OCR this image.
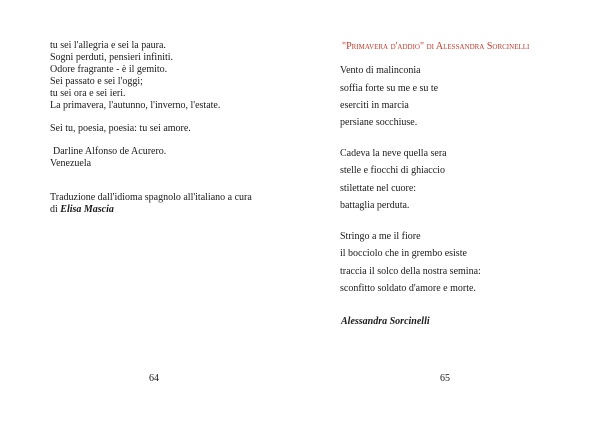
tu sei l'allegria e sei la paura.
Sogni perduti, pensieri infiniti.
Odore fragrante - è il gemito.
Sei passato e sei l'oggi;
tu sei ora e sei ieri.
La primavera, l'autunno, l'inverno, l'estate.
Sei tu, poesia, poesia: tu sei amore.
Darline Alfonso de Acurero.
Venezuela
Traduzione dall'idioma spagnolo all'italiano a cura
di Elisa Mascia
64
"Primavera d'addio" di Alessandra Sorcinelli
Vento di malinconia
soffia forte su me e su te
eserciti in marcia
persiane socchiuse.
Cadeva la neve quella sera
stelle e fiocchi di ghiaccio
stilettate nel cuore:
battaglia perduta.
Stringo a me il fiore
il bocciolo che in grembo esiste
traccia il solco della nostra semina:
sconfitto soldato d'amore e morte.
Alessandra Sorcinelli
65
